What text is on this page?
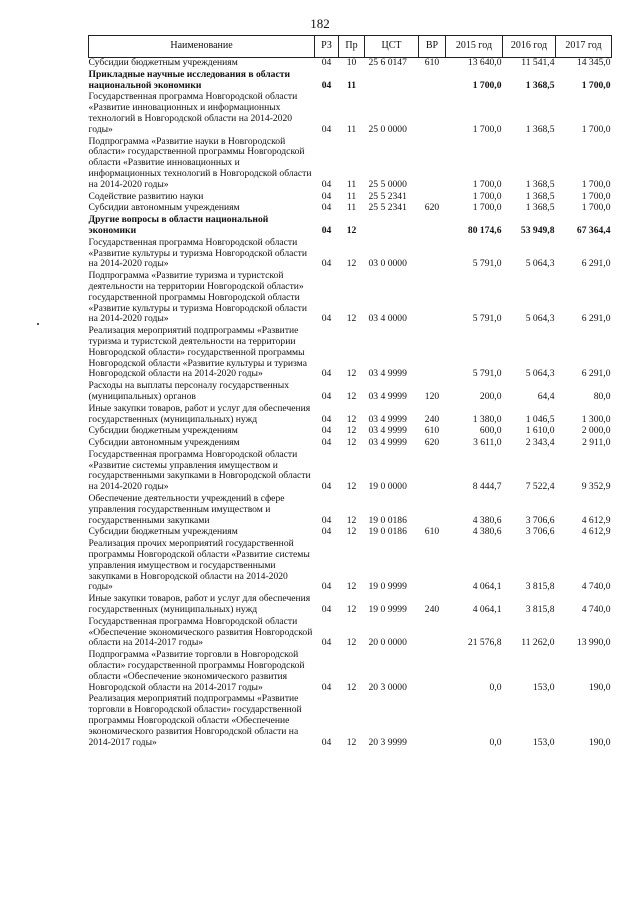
182
Наименование	РЗ	Пр	ЦСТ	ВР	2015 год	2016 год	2017 год
Субсидии бюджетным учреждениям	04	10	25 6 0147	610	13 640,0	11 541,4	14 345,0
Прикладные научные исследования в области национальной экономики	04	11			1 700,0	1 368,5	1 700,0
Государственная программа Новгородской области «Развитие инновационных и информационных технологий в Новгородской области на 2014-2020 годы»	04	11	25 0 0000		1 700,0	1 368,5	1 700,0
Подпрограмма «Развитие науки в Новгородской области» государственной программы Новгородской области «Развитие инновационных и информационных технологий в Новгородской области на 2014-2020 годы»	04	11	25 5 0000		1 700,0	1 368,5	1 700,0
Содействие развитию науки	04	11	25 5 2341		1 700,0	1 368,5	1 700,0
Субсидии автономным учреждениям	04	11	25 5 2341	620	1 700,0	1 368,5	1 700,0
Другие вопросы в области национальной экономики	04	12			80 174,6	53 949,8	67 364,4
Государственная программа Новгородской области «Развитие культуры и туризма Новгородской области на 2014-2020 годы»	04	12	03 0 0000		5 791,0	5 064,3	6 291,0
Подпрограмма «Развитие туризма и туристской деятельности на территории Новгородской области» государственной программы Новгородской области «Развитие культуры и туризма Новгородской области на 2014-2020 годы»	04	12	03 4 0000		5 791,0	5 064,3	6 291,0
Реализация мероприятий подпрограммы «Развитие туризма и туристской деятельности на территории Новгородской области» государственной программы Новгородской области «Развитие культуры и туризма Новгородской области на 2014-2020 годы»	04	12	03 4 9999		5 791,0	5 064,3	6 291,0
Расходы на выплаты персоналу государственных (муниципальных) органов	04	12	03 4 9999	120	200,0	64,4	80,0
Иные закупки товаров, работ и услуг для обеспечения государственных (муниципальных) нужд	04	12	03 4 9999	240	1 380,0	1 046,5	1 300,0
Субсидии бюджетным учреждениям	04	12	03 4 9999	610	600,0	1 610,0	2 000,0
Субсидии автономным учреждениям	04	12	03 4 9999	620	3 611,0	2 343,4	2 911,0
Государственная программа Новгородской области «Развитие системы управления имуществом и государственными закупками в Новгородской области на 2014-2020 годы»	04	12	19 0 0000		8 444,7	7 522,4	9 352,9
Обеспечение деятельности учреждений в сфере управления государственным имуществом и государственными закупками	04	12	19 0 0186		4 380,6	3 706,6	4 612,9
Субсидии бюджетным учреждениям	04	12	19 0 0186	610	4 380,6	3 706,6	4 612,9
Реализация прочих мероприятий государственной программы Новгородской области «Развитие системы управления имуществом и государственными закупками в Новгородской области на 2014-2020 годы»	04	12	19 0 9999		4 064,1	3 815,8	4 740,0
Иные закупки товаров, работ и услуг для обеспечения государственных (муниципальных) нужд	04	12	19 0 9999	240	4 064,1	3 815,8	4 740,0
Государственная программа Новгородской области «Обеспечение экономического развития Новгородской области на 2014-2017 годы»	04	12	20 0 0000		21 576,8	11 262,0	13 990,0
Подпрограмма «Развитие торговли в Новгородской области» государственной программы Новгородской области «Обеспечение экономического развития Новгородской области на 2014-2017 годы»	04	12	20 3 0000		0,0	153,0	190,0
Реализация мероприятий подпрограммы «Развитие торговли в Новгородской области» государственной программы Новгородской области «Обеспечение экономического развития Новгородской области на 2014-2017 годы»	04	12	20 3 9999		0,0	153,0	190,0
